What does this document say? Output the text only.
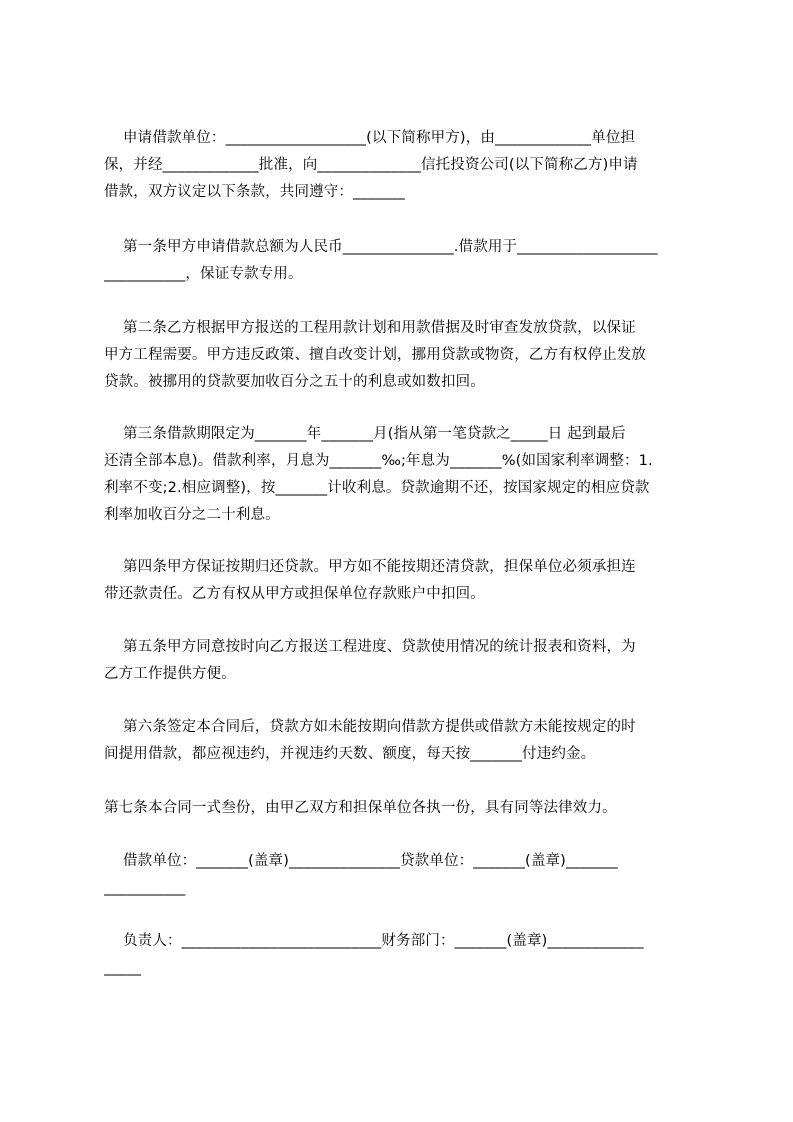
申请借款单位：___________________(以下简称甲方)，由_____________单位担
保，并经_____________批准，向______________信托投资公司(以下简称乙方)申请
借款，双方议定以下条款，共同遵守：_______
第一条甲方申请借款总额为人民币_______________.借款用于___________________
___________，保证专款专用。
第二条乙方根据甲方报送的工程用款计划和用款借据及时审查发放贷款，以保证
甲方工程需要。甲方违反政策、擅自改变计划，挪用贷款或物资，乙方有权停止发放
贷款。被挪用的贷款要加收百分之五十的利息或如数扣回。
第三条借款期限定为_______年_______月(指从第一笔贷款之_____日 起到最后
还清全部本息)。借款利率，月息为_______‰;年息为_______%(如国家利率调整：1.
利率不变;2.相应调整)，按_______计收利息。贷款逾期不还，按国家规定的相应贷款
利率加收百分之二十利息。
第四条甲方保证按期归还贷款。甲方如不能按期还清贷款，担保单位必须承担连
带还款责任。乙方有权从甲方或担保单位存款账户中扣回。
第五条甲方同意按时向乙方报送工程进度、贷款使用情况的统计报表和资料，为
乙方工作提供方便。
第六条签定本合同后，贷款方如未能按期向借款方提供或借款方未能按规定的时
间提用借款，都应视违约，并视违约天数、额度，每天按_______付违约金。
第七条本合同一式叁份，由甲乙双方和担保单位各执一份，具有同等法律效力。
借款单位：_______(盖章)_______________贷款单位：_______(盖章)_______
___________
负责人：___________________________财务部门：_______(盖章)_____________
_____
